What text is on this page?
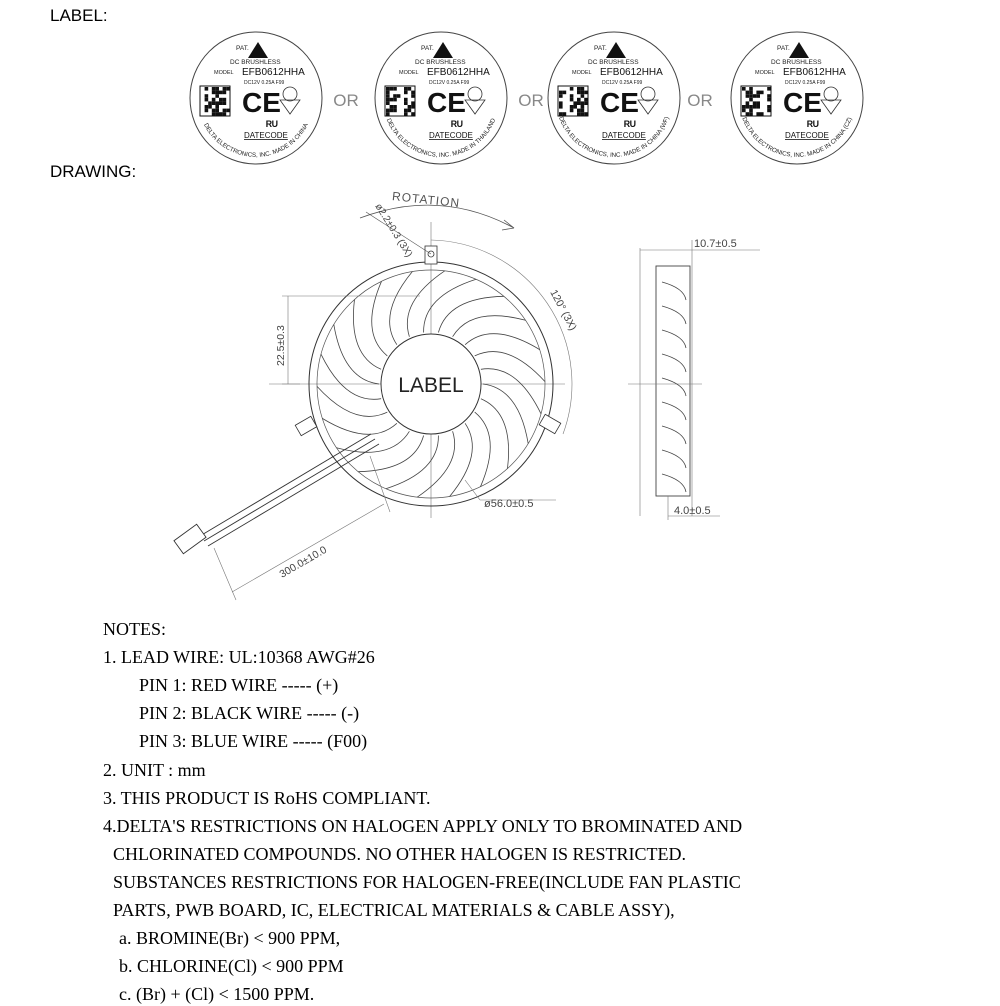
LABEL:
DRAWING:
PAT.
DC BRUSHLESS
MODEL EFB0612HHA
DC12V 0.25A F99
CE
ᴿᵁ
DATECODE
DELTA ELECTRONICS, INC. MADE IN CHINA
OR
PAT.
DC BRUSHLESS
MODEL EFB0612HHA
DC12V 0.25A F99
CE
ᴿᵁ
DATECODE
DELTA ELECTRONICS, INC. MADE IN THAILAND
OR
PAT.
DC BRUSHLESS
MODEL EFB0612HHA
DC12V 0.25A F99
CE
ᴿᵁ
DATECODE
DELTA ELECTRONICS, INC. MADE IN CHINA (WF)
OR
PAT.
DC BRUSHLESS
MODEL EFB0612HHA
DC12V 0.25A F99
CE
ᴿᵁ
DATECODE
DELTA ELECTRONICS, INC. MADE IN CHINA (CZ)
LABEL
ROTATION
ø2.2±0.3 (3X)
120° (3X)
22.5±0.3
ø56.0±0.5
300.0±10.0
10.7±0.5
4.0±0.5
NOTES:
1. LEAD WIRE: UL:10368 AWG#26
PIN 1: RED WIRE ----- (+)
PIN 2: BLACK WIRE ----- (-)
PIN 3: BLUE WIRE ----- (F00)
2. UNIT : mm
3. THIS PRODUCT IS RoHS COMPLIANT.
4.DELTA'S RESTRICTIONS ON HALOGEN APPLY ONLY TO BROMINATED AND
CHLORINATED COMPOUNDS. NO OTHER HALOGEN IS RESTRICTED.
SUBSTANCES RESTRICTIONS FOR HALOGEN-FREE(INCLUDE FAN PLASTIC
PARTS, PWB BOARD, IC, ELECTRICAL MATERIALS & CABLE ASSY),
a. BROMINE(Br) < 900 PPM,
b. CHLORINE(Cl) < 900 PPM
c. (Br) + (Cl) < 1500 PPM.
